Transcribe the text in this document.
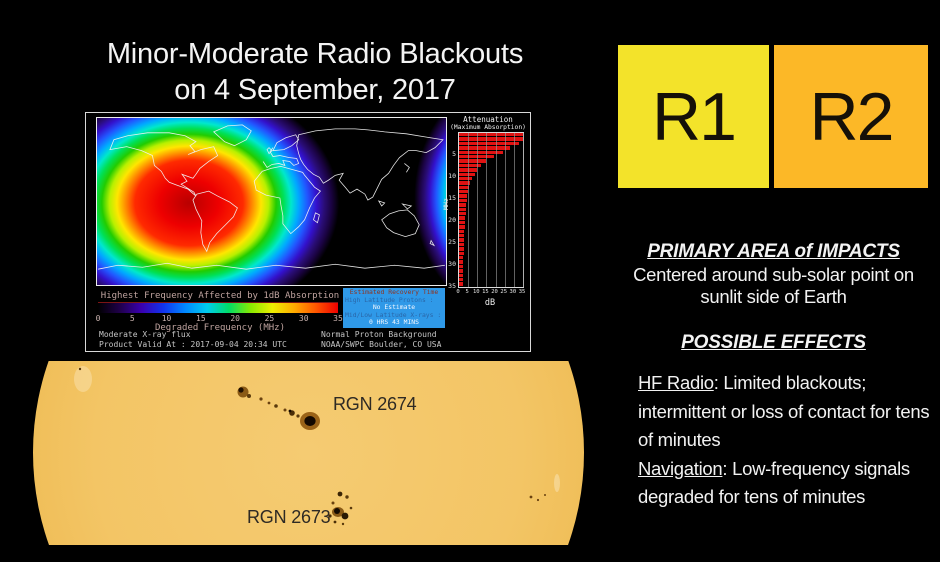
Minor-Moderate Radio Blackouts
on 4 September, 2017
Attenuation
(Maximum Absorption)
MHz
dB
5
10
15
20
25
30
35
0	5 10 15 20 25 30 35
Highest Frequency Affected by 1dB Absorption
0	5	10	15	20	25	30	35
Degraded Frequency (MHz)
Estimated Recovery Time
High Latitude Protons :
No Estimate
Mid/Low Latitude X-rays :
0 HRS 43 MINS
Moderate X-ray flux
Product Valid At : 2017-09-04 20:34 UTC
Normal Proton Background
NOAA/SWPC Boulder, CO USA
RGN 2674
RGN 2673
R1 R2
PRIMARY AREA of IMPACTS
Centered around sub-solar point on
sunlit side of Earth
POSSIBLE EFFECTS
HF Radio: Limited blackouts; intermittent or loss of contact for tens of minutes
Navigation: Low-frequency signals degraded for tens of minutes
